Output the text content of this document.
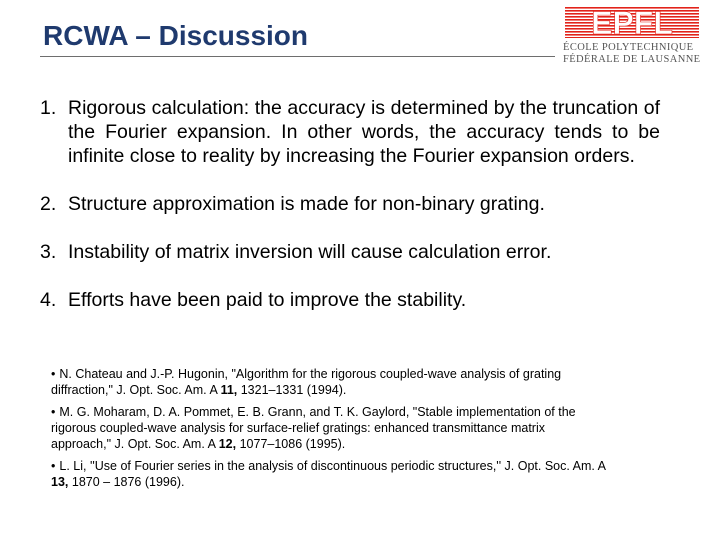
RCWA – Discussion	EPFL
ÉCOLE POLYTECHNIQUE
FÉDÉRALE DE LAUSANNE
1. Rigorous calculation: the accuracy is determined by the truncation of the Fourier expansion. In other words, the accuracy tends to be infinite close to reality by increasing the Fourier expansion orders.
2. Structure approximation is made for non-binary grating.
3. Instability of matrix inversion will cause calculation error.
4. Efforts have been paid to improve the stability.
• N. Chateau and J.-P. Hugonin, "Algorithm for the rigorous coupled-wave analysis of grating diffraction," J. Opt. Soc. Am. A 11, 1321–1331 (1994).
• M. G. Moharam, D. A. Pommet, E. B. Grann, and T. K. Gaylord, "Stable implementation of the rigorous coupled-wave analysis for surface-relief gratings: enhanced transmittance matrix approach," J. Opt. Soc. Am. A 12, 1077–1086 (1995).
• L. Li, ''Use of Fourier series in the analysis of discontinuous periodic structures,'' J. Opt. Soc. Am. A 13, 1870 – 1876 (1996).
